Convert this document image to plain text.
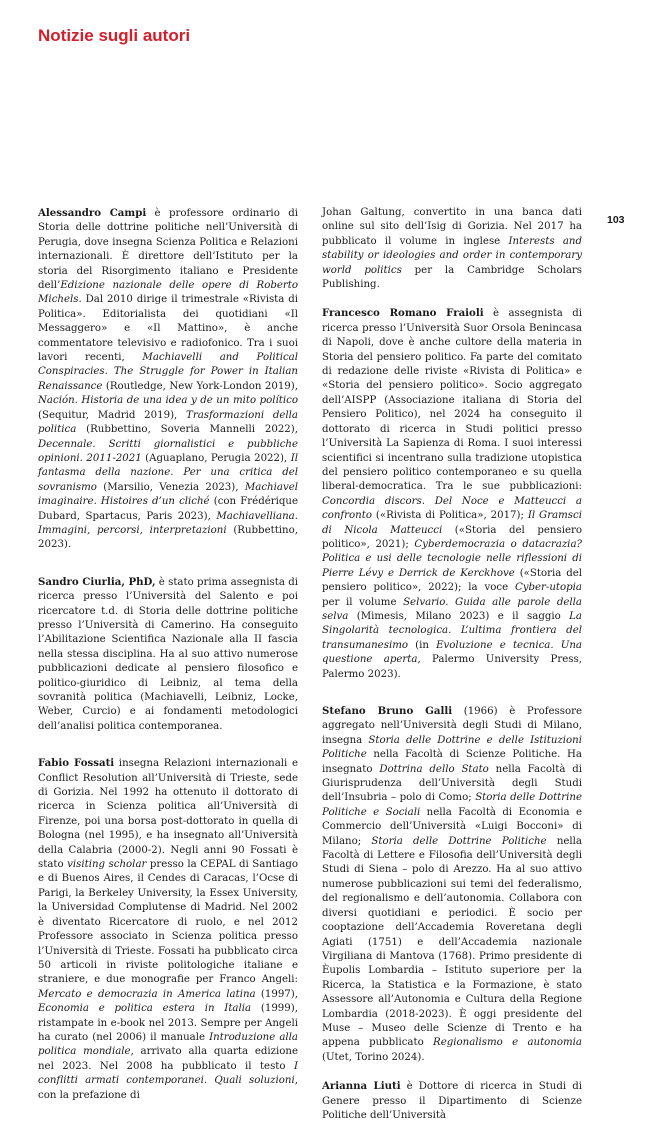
Notizie sugli autori
103

Alessandro Campi è professore ordinario di Storia delle dottrine politiche nell’Università di Perugia, dove insegna Scienza Politica e Relazioni internazionali. È direttore dell’Istituto per la storia del Risorgimento italiano e Presidente dell’Edizione nazionale delle opere di Roberto Michels. Dal 2010 dirige il trimestrale «Rivista di Politica». Editorialista dei quotidiani «Il Messaggero» e «Il Mattino», è anche commentatore televisivo e radiofonico. Tra i suoi lavori recenti, Machiavelli and Political Conspiracies. The Struggle for Power in Italian Renaissance (Routledge, New York-London 2019), Nación. Historia de una idea y de un mito político (Sequitur, Madrid 2019), Trasformazioni della politica (Rubbettino, Soveria Mannelli 2022), Decennale. Scritti giornalistici e pubbliche opinioni. 2011-2021 (Aguaplano, Perugia 2022), Il fantasma della nazione. Per una critica del sovranismo (Marsilio, Venezia 2023), Machiavel imaginaire. Histoires d’un cliché (con Frédérique Dubard, Spartacus, Paris 2023), Machiavelliana. Immagini, percorsi, interpretazioni (Rubbettino, 2023).

Sandro Ciurlia, PhD, è stato prima assegnista di ricerca presso l’Università del Salento e poi ricercatore t.d. di Storia delle dottrine politiche presso l’Università di Camerino. Ha conseguito l’Abilitazione Scientifica Nazionale alla II fascia nella stessa disciplina. Ha al suo attivo numerose pubblicazioni dedicate al pensiero filosofico e politico-giuridico di Leibniz, al tema della sovranità politica (Machiavelli, Leibniz, Locke, Weber, Curcio) e ai fondamenti metodologici dell’analisi politica contemporanea.

Fabio Fossati insegna Relazioni internazionali e Conflict Resolution all’Università di Trieste, sede di Gorizia. Nel 1992 ha ottenuto il dottorato di ricerca in Scienza politica all’Università di Firenze, poi una borsa post-dottorato in quella di Bologna (nel 1995), e ha insegnato all’Università della Calabria (2000-2). Negli anni 90 Fossati è stato visiting scholar presso la CEPAL di Santiago e di Buenos Aires, il Cendes di Caracas, l’Ocse di Parigi, la Berkeley University, la Essex University, la Universidad Complutense di Madrid. Nel 2002 è diventato Ricercatore di ruolo, e nel 2012 Professore associato in Scienza politica presso l’Università di Trieste. Fossati ha pubblicato circa 50 articoli in riviste politologiche italiane e straniere, e due monografie per Franco Angeli: Mercato e democrazia in America latina (1997), Economia e politica estera in Italia (1999), ristampate in e-book nel 2013. Sempre per Angeli ha curato (nel 2006) il manuale Introduzione alla politica mondiale, arrivato alla quarta edizione nel 2023. Nel 2008 ha pubblicato il testo I conflitti armati contemporanei. Quali soluzioni, con la prefazione di

Johan Galtung, convertito in una banca dati online sul sito dell’Isig di Gorizia. Nel 2017 ha pubblicato il volume in inglese Interests and stability or ideologies and order in contemporary world politics per la Cambridge Scholars Publishing.

Francesco Romano Fraioli è assegnista di ricerca presso l’Università Suor Orsola Benincasa di Napoli, dove è anche cultore della materia in Storia del pensiero politico. Fa parte del comitato di redazione delle riviste «Rivista di Politica» e «Storia del pensiero politico». Socio aggregato dell’AISPP (Associazione italiana di Storia del Pensiero Politico), nel 2024 ha conseguito il dottorato di ricerca in Studi politici presso l’Università La Sapienza di Roma. I suoi interessi scientifici si incentrano sulla tradizione utopistica del pensiero politico contemporaneo e su quella liberal-democratica. Tra le sue pubblicazioni: Concordia discors. Del Noce e Matteucci a confronto («Rivista di Politica», 2017); Il Gramsci di Nicola Matteucci («Storia del pensiero politico», 2021); Cyberdemocrazia o datacrazia? Politica e usi delle tecnologie nelle riflessioni di Pierre Lévy e Derrick de Kerckhove («Storia del pensiero politico», 2022); la voce Cyber-utopia per il volume Selvario. Guida alle parole della selva (Mimesis, Milano 2023) e il saggio La Singolarità tecnologica. L’ultima frontiera del transumanesimo (in Evoluzione e tecnica. Una questione aperta, Palermo University Press, Palermo 2023).

Stefano Bruno Galli (1966) è Professore aggregato nell’Università degli Studi di Milano, insegna Storia delle Dottrine e delle Istituzioni Politiche nella Facoltà di Scienze Politiche. Ha insegnato Dottrina dello Stato nella Facoltà di Giurisprudenza dell’Università degli Studi dell’Insubria – polo di Como; Storia delle Dottrine Politiche e Sociali nella Facoltà di Economia e Commercio dell’Università «Luigi Bocconi» di Milano; Storia delle Dottrine Politiche nella Facoltà di Lettere e Filosofia dell’Università degli Studi di Siena – polo di Arezzo. Ha al suo attivo numerose pubblicazioni sui temi del federalismo, del regionalismo e dell’autonomia. Collabora con diversi quotidiani e periodici. È socio per cooptazione dell’Accademia Roveretana degli Agiati (1751) e dell’Accademia nazionale Virgiliana di Mantova (1768). Primo presidente di Èupolis Lombardia – Istituto superiore per la Ricerca, la Statistica e la Formazione, è stato Assessore all’Autonomia e Cultura della Regione Lombardia (2018-2023). È oggi presidente del Muse – Museo delle Scienze di Trento e ha appena pubblicato Regionalismo e autonomia (Utet, Torino 2024).

Arianna Liuti è Dottore di ricerca in Studi di Genere presso il Dipartimento di Scienze Politiche dell’Università
